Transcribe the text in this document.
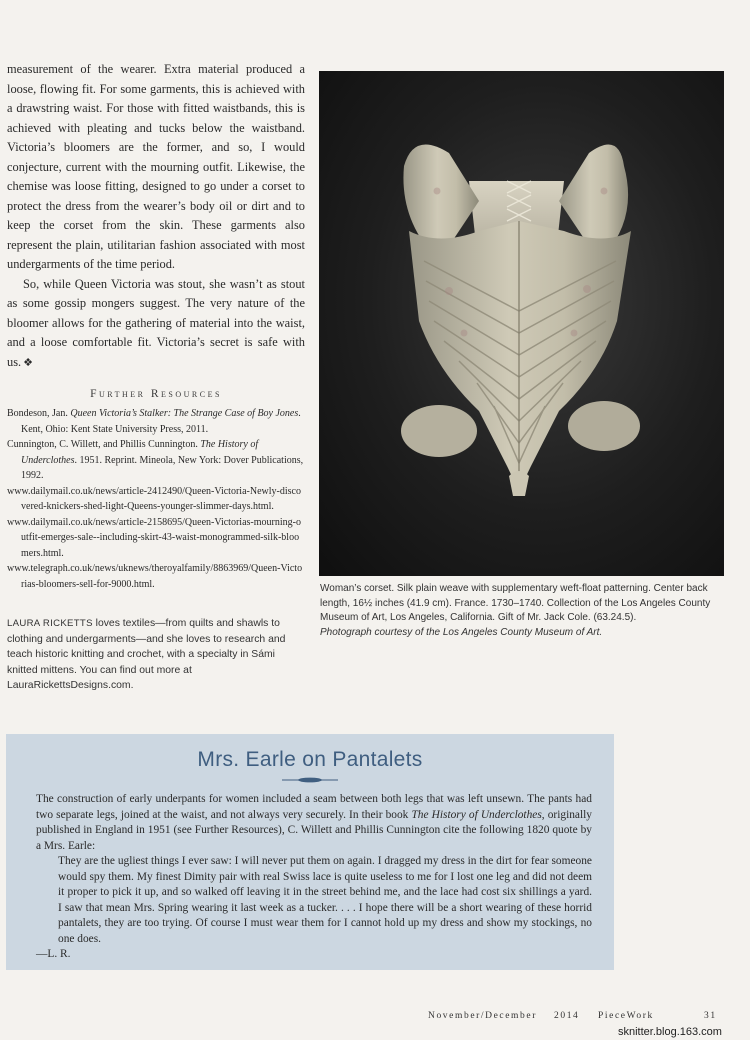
measurement of the wearer. Extra material produced a loose, flowing fit. For some garments, this is achieved with a drawstring waist. For those with fitted waistbands, this is achieved with pleating and tucks below the waistband. Victoria’s bloomers are the former, and so, I would conjecture, current with the mourning outfit. Likewise, the chemise was loose fitting, designed to go under a corset to protect the dress from the wearer’s body oil or dirt and to keep the corset from the skin. These garments also represent the plain, utilitarian fashion associated with most undergarments of the time period.

So, while Queen Victoria was stout, she wasn’t as stout as some gossip mongers suggest. The very nature of the bloomer allows for the gathering of material into the waist, and a loose comfortable fit. Victoria’s secret is safe with us. ❖

Further Resources
Bondeson, Jan. Queen Victoria’s Stalker: The Strange Case of Boy Jones. Kent, Ohio: Kent State University Press, 2011.
Cunnington, C. Willett, and Phillis Cunnington. The History of Underclothes. 1951. Reprint. Mineola, New York: Dover Publications, 1992.
www.dailymail.co.uk/news/article-2412490/Queen-Victoria-Newly-discovered-knickers-shed-light-Queens-younger-slimmer-days.html.
www.dailymail.co.uk/news/article-2158695/Queen-Victorias-mourning-outfit-emerges-sale--including-skirt-43-waist-monogrammed-silk-bloomers.html.
www.telegraph.co.uk/news/uknews/theroyalfamily/8863969/Queen-Victorias-bloomers-sell-for-9000.html.
LAURA RICKETTS loves textiles—from quilts and shawls to clothing and undergarments—and she loves to research and teach historic knitting and crochet, with a specialty in Sámi knitted mittens. You can find out more at LauraRickettsDesigns.com.
Woman’s corset. Silk plain weave with supplementary weft-float patterning. Center back length, 16½ inches (41.9 cm). France. 1730–1740. Collection of the Los Angeles County Museum of Art, Los Angeles, California. Gift of Mr. Jack Cole. (63.24.5).
Photograph courtesy of the Los Angeles County Museum of Art.
Mrs. Earle on Pantalets

The construction of early underpants for women included a seam between both legs that was left unsewn. The pants had two separate legs, joined at the waist, and not always very securely. In their book The History of Underclothes, originally published in England in 1951 (see Further Resources), C. Willett and Phillis Cunnington cite the following 1820 quote by a Mrs. Earle:

They are the ugliest things I ever saw: I will never put them on again. I dragged my dress in the dirt for fear someone would spy them. My finest Dimity pair with real Swiss lace is quite useless to me for I lost one leg and did not deem it proper to pick it up, and so walked off leaving it in the street behind me, and the lace had cost six shillings a yard. I saw that mean Mrs. Spring wearing it last week as a tucker. . . . I hope there will be a short wearing of these horrid pantalets, they are too trying. Of course I must wear them for I cannot hold up my dress and show my stockings, no one does.

—L. R.

November/December 2014 PieceWork	31
sknitter.blog.163.com
